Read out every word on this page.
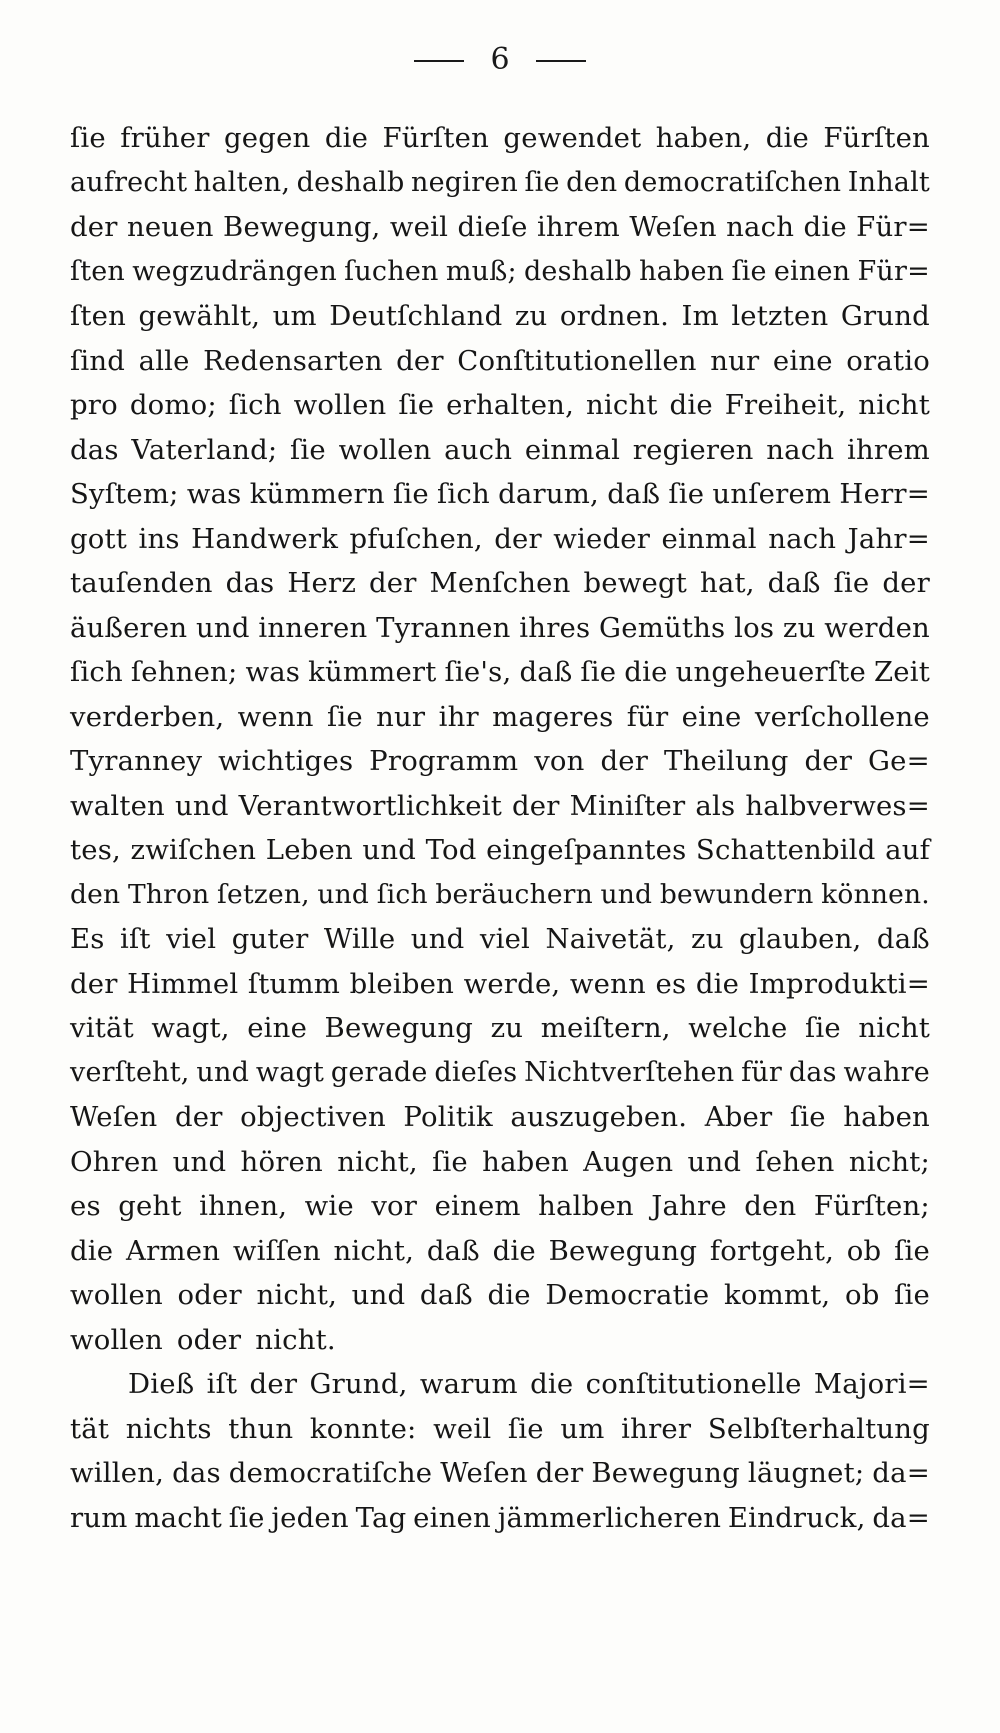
6
ſie früher gegen die Fürſten gewendet haben, die Fürſten
aufrecht halten, deshalb negiren ſie den democratiſchen Inhalt
der neuen Bewegung, weil dieſe ihrem Weſen nach die Für=
ſten wegzudrängen ſuchen muß; deshalb haben ſie einen Für=
ſten gewählt, um Deutſchland zu ordnen. Im letzten Grund
ſind alle Redensarten der Conſtitutionellen nur eine oratio
pro domo; ſich wollen ſie erhalten, nicht die Freiheit, nicht
das Vaterland; ſie wollen auch einmal regieren nach ihrem
Syſtem; was kümmern ſie ſich darum, daß ſie unſerem Herr=
gott ins Handwerk pfuſchen, der wieder einmal nach Jahr=
tauſenden das Herz der Menſchen bewegt hat, daß ſie der
äußeren und inneren Tyrannen ihres Gemüths los zu werden
ſich ſehnen; was kümmert ſie's, daß ſie die ungeheuerſte Zeit
verderben, wenn ſie nur ihr mageres für eine verſchollene
Tyranney wichtiges Programm von der Theilung der Ge=
walten und Verantwortlichkeit der Miniſter als halbverwes=
tes, zwiſchen Leben und Tod eingeſpanntes Schattenbild auf
den Thron ſetzen, und ſich beräuchern und bewundern können.
Es iſt viel guter Wille und viel Naivetät, zu glauben, daß
der Himmel ſtumm bleiben werde, wenn es die Improdukti=
vität wagt, eine Bewegung zu meiſtern, welche ſie nicht
verſteht, und wagt gerade dieſes Nichtverſtehen für das wahre
Weſen der objectiven Politik auszugeben. Aber ſie haben
Ohren und hören nicht, ſie haben Augen und ſehen nicht;
es geht ihnen, wie vor einem halben Jahre den Fürſten;
die Armen wiſſen nicht, daß die Bewegung fortgeht, ob ſie
wollen oder nicht, und daß die Democratie kommt, ob ſie
wollen oder nicht.
Dieß iſt der Grund, warum die conſtitutionelle Majori=
tät nichts thun konnte: weil ſie um ihrer Selbſterhaltung
willen, das democratiſche Weſen der Bewegung läugnet; da=
rum macht ſie jeden Tag einen jämmerlicheren Eindruck, da=
